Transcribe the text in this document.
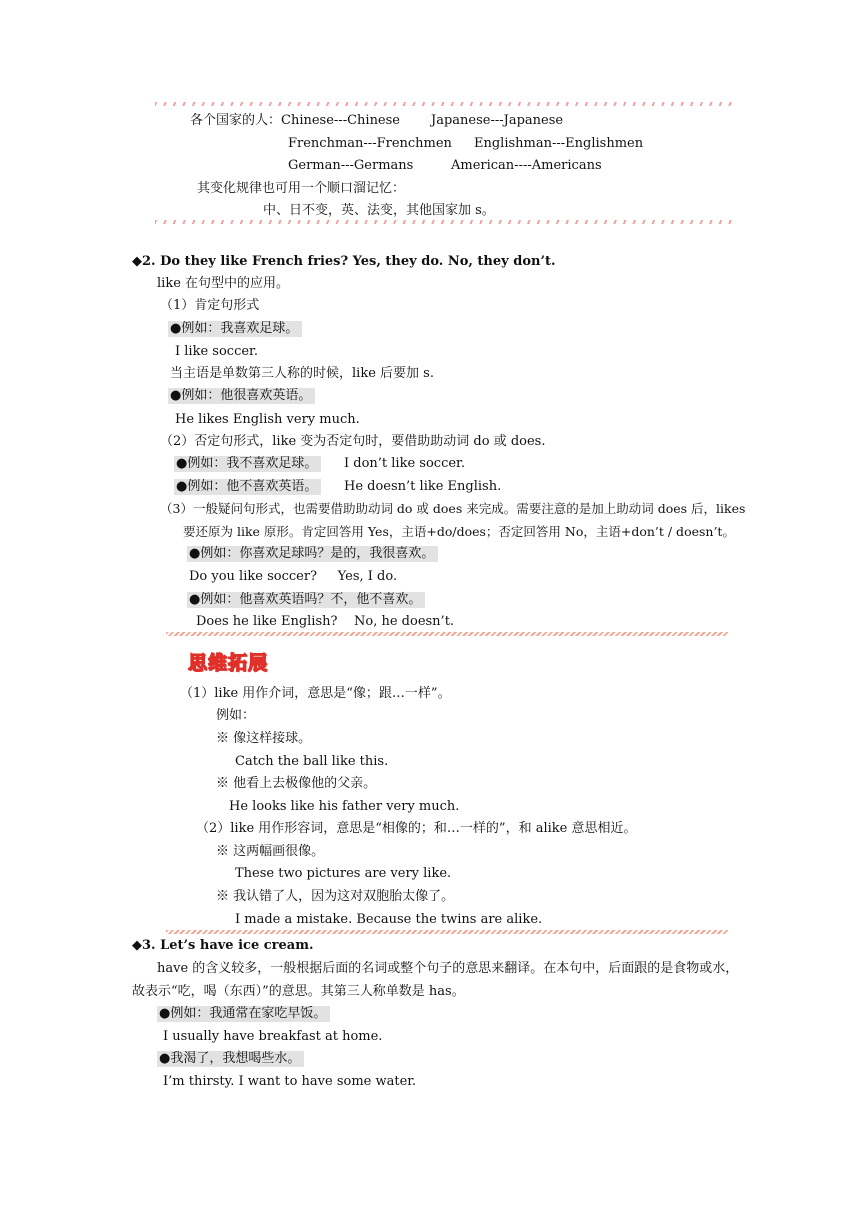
各个国家的人： Chinese---Chinese Japanese---Japanese
Frenchman---Frenchmen Englishman---Englishmen
German---Germans	American----Americans
其变化规律也可用一个顺口溜记忆：
中、日不变，英、法变，其他国家加 s。
◆2. Do they like French fries? Yes, they do. No, they don’t.
like 在句型中的应用。
（1）肯定句形式
●例如：我喜欢足球。
I like soccer.
当主语是单数第三人称的时候，like 后要加 s.
●例如：他很喜欢英语。
He likes English very much.
（2）否定句形式，like 变为否定句时，要借助助动词 do 或 does.
●例如：我不喜欢足球。	I don’t like soccer.
●例如：他不喜欢英语。	He doesn’t like English.
（3）一般疑问句形式，也需要借助助动词 do 或 does 来完成。需要注意的是加上助动词 does 后，likes
要还原为 like 原形。肯定回答用 Yes，主语+do/does；否定回答用 No，主语+don’t / doesn’t。
●例如：你喜欢足球吗？是的，我很喜欢。
Do you like soccer?     Yes, I do.
●例如：他喜欢英语吗？不，他不喜欢。
Does he like English?    No, he doesn’t.
思维拓展
（1）like 用作介词，意思是“像；跟…一样”。
例如：
※ 像这样接球。
Catch the ball like this.
※ 他看上去极像他的父亲。
He looks like his father very much.
（2）like 用作形容词，意思是“相像的；和…一样的”，和 alike 意思相近。
※ 这两幅画很像。
These two pictures are very like.
※ 我认错了人，因为这对双胞胎太像了。
I made a mistake. Because the twins are alike.
◆3. Let’s have ice cream.
have 的含义较多，一般根据后面的名词或整个句子的意思来翻译。在本句中，后面跟的是食物或水，
故表示“吃，喝（东西）”的意思。其第三人称单数是 has。
●例如：我通常在家吃早饭。
I usually have breakfast at home.
●我渴了，我想喝些水。
I’m thirsty. I want to have some water.
